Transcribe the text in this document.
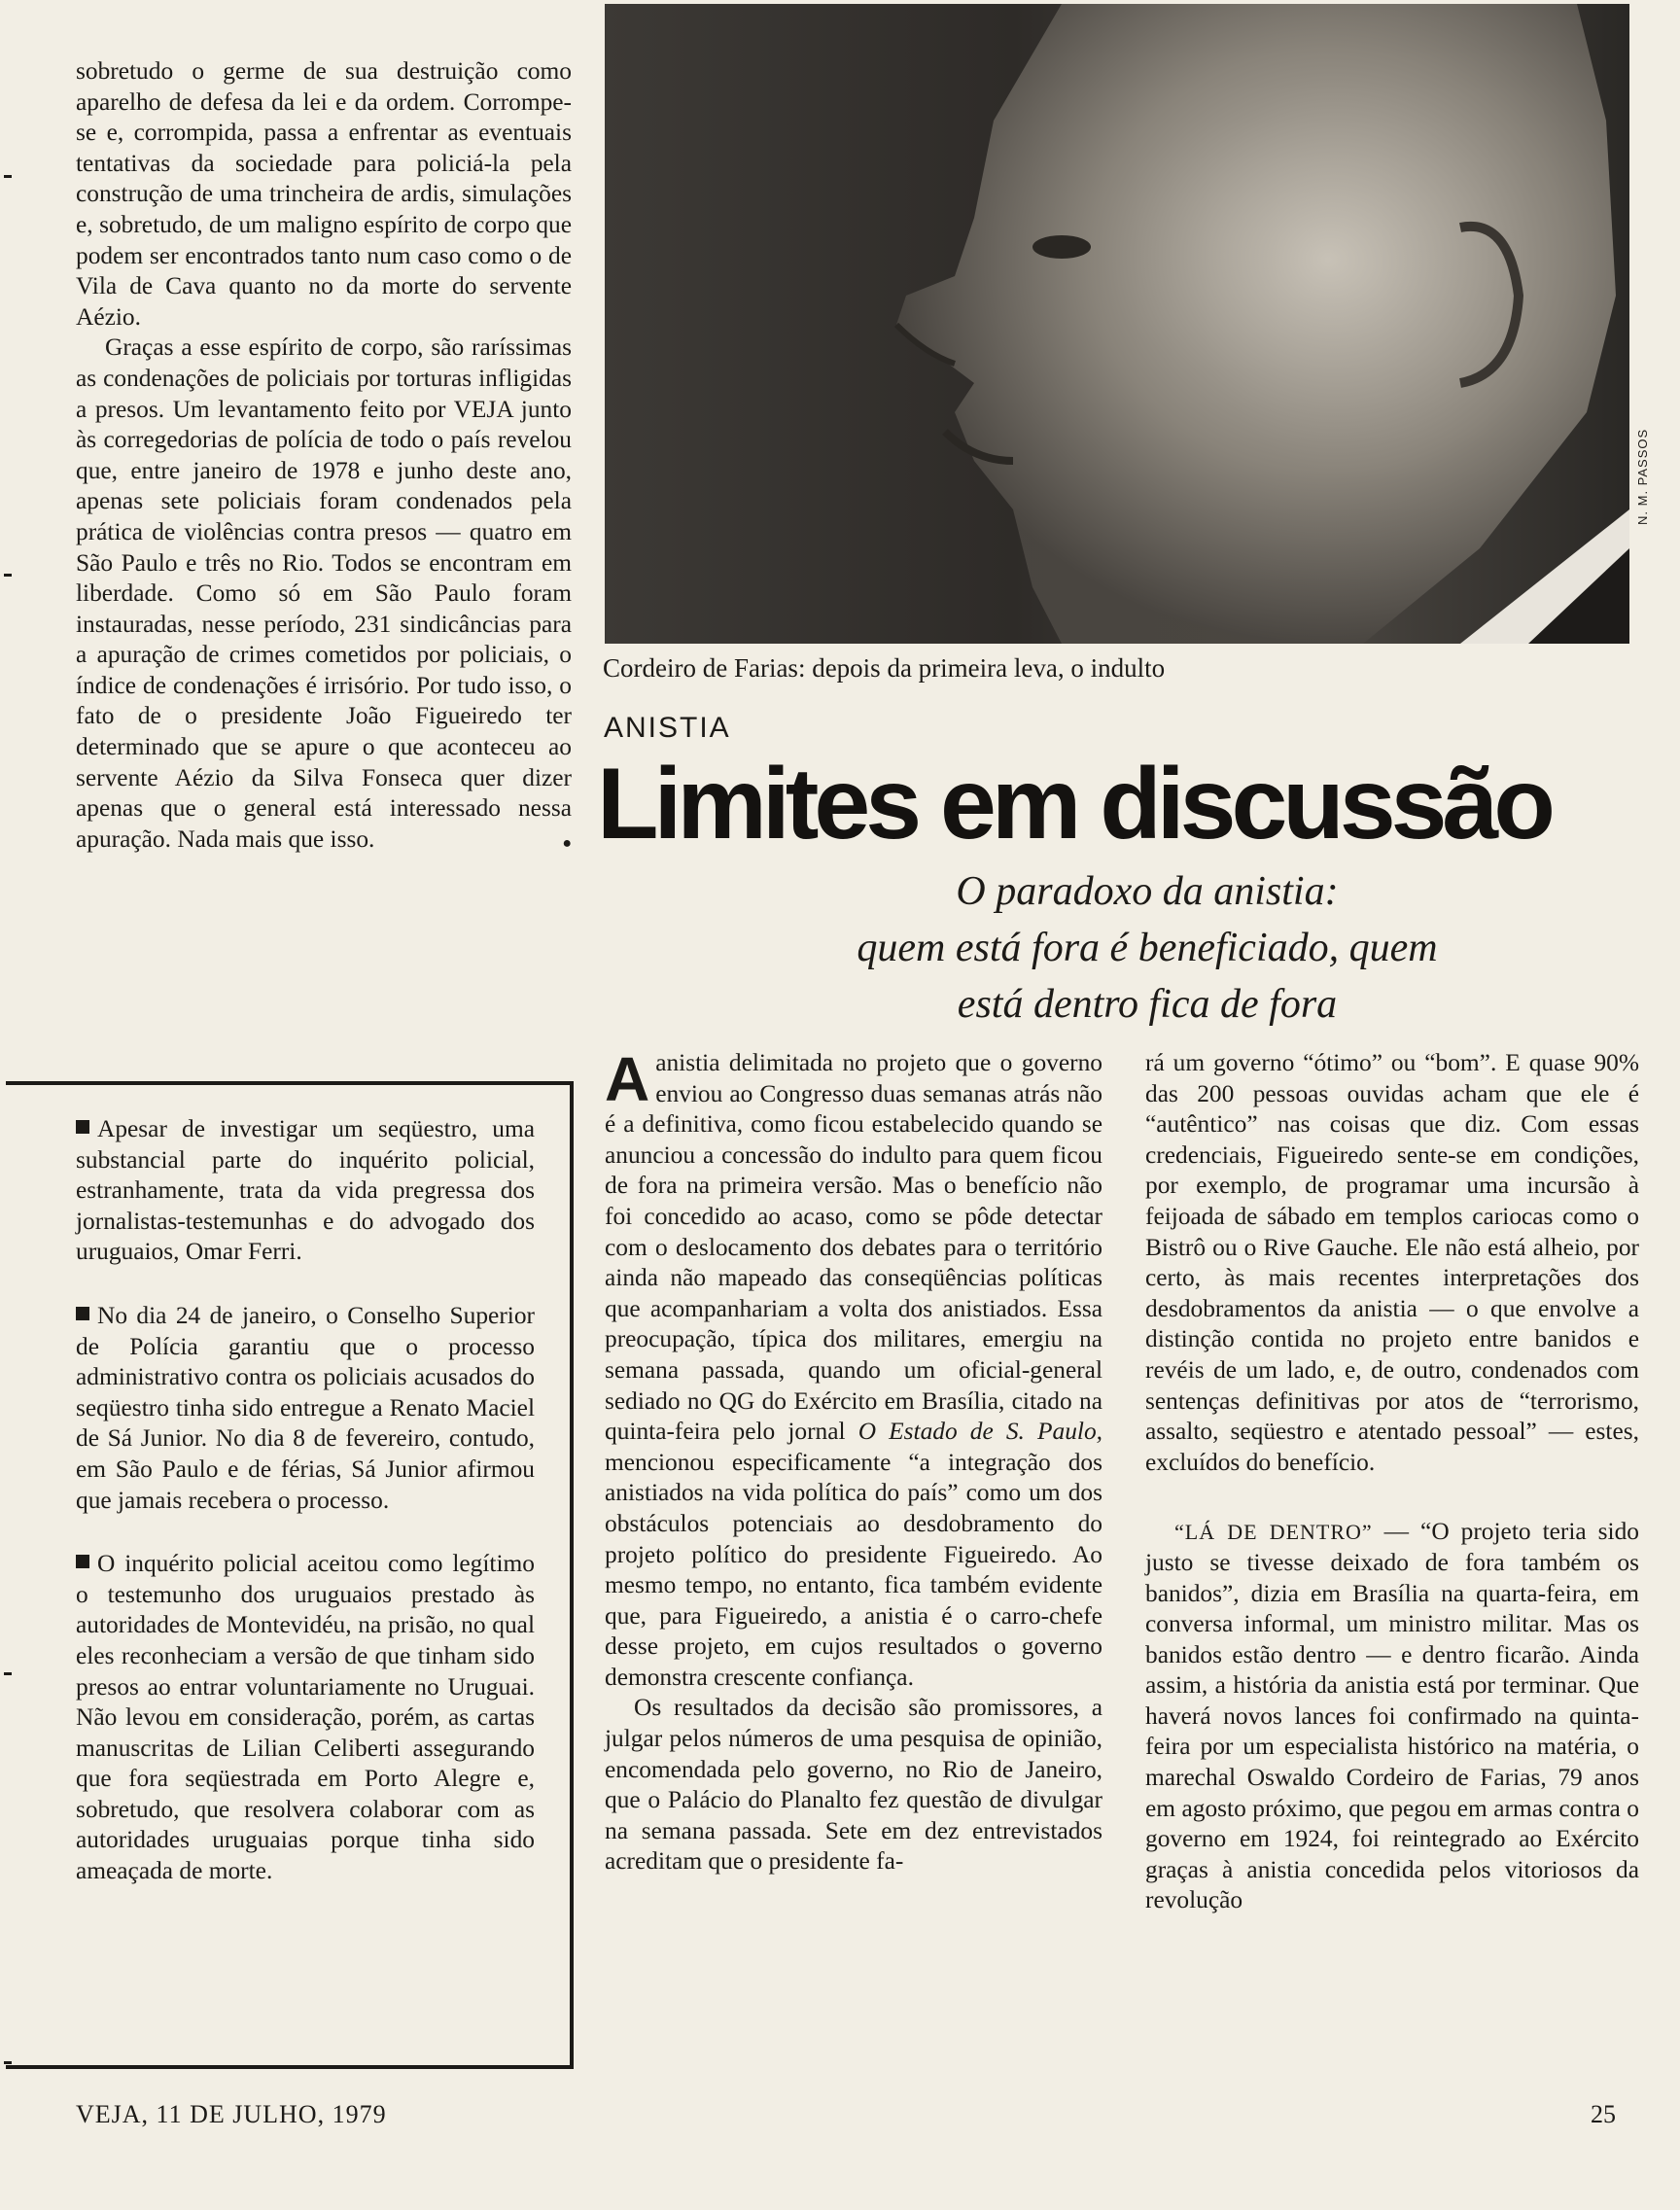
sobretudo o germe de sua destruição como aparelho de defesa da lei e da ordem. Corrompe-se e, corrompida, passa a enfrentar as eventuais tentativas da sociedade para policiá-la pela construção de uma trincheira de ardis, simulações e, sobretudo, de um maligno espírito de corpo que podem ser encontrados tanto num caso como o de Vila de Cava quanto no da morte do servente Aézio.

Graças a esse espírito de corpo, são raríssimas as condenações de policiais por torturas infligidas a presos. Um levantamento feito por VEJA junto às corregedorias de polícia de todo o país revelou que, entre janeiro de 1978 e junho deste ano, apenas sete policiais foram condenados pela prática de violências contra presos — quatro em São Paulo e três no Rio. Todos se encontram em liberdade. Como só em São Paulo foram instauradas, nesse período, 231 sindicâncias para a apuração de crimes cometidos por policiais, o índice de condenações é irrisório. Por tudo isso, o fato de o presidente João Figueiredo ter determinado que se apure o que aconteceu ao servente Aézio da Silva Fonseca quer dizer apenas que o general está interessado nessa apuração. Nada mais que isso. ●

Apesar de investigar um seqüestro, uma substancial parte do inquérito policial, estranhamente, trata da vida pregressa dos jornalistas-testemunhas e do advogado dos uruguaios, Omar Ferri.

No dia 24 de janeiro, o Conselho Superior de Polícia garantiu que o processo administrativo contra os policiais acusados do seqüestro tinha sido entregue a Renato Maciel de Sá Junior. No dia 8 de fevereiro, contudo, em São Paulo e de férias, Sá Junior afirmou que jamais recebera o processo.

O inquérito policial aceitou como legítimo o testemunho dos uruguaios prestado às autoridades de Montevidéu, na prisão, no qual eles reconheciam a versão de que tinham sido presos ao entrar voluntariamente no Uruguai. Não levou em consideração, porém, as cartas manuscritas de Lilian Celiberti assegurando que fora seqüestrada em Porto Alegre e, sobretudo, que resolvera colaborar com as autoridades uruguaias porque tinha sido ameaçada de morte.

N. M. PASSOS
Cordeiro de Farias: depois da primeira leva, o indulto
ANISTIA
Limites em discussão
O paradoxo da anistia:
quem está fora é beneficiado, quem
está dentro fica de fora

Aanistia delimitada no projeto que o governo enviou ao Congresso duas semanas atrás não é a definitiva, como ficou estabelecido quando se anunciou a concessão do indulto para quem ficou de fora na primeira versão. Mas o benefício não foi concedido ao acaso, como se pôde detectar com o deslocamento dos debates para o território ainda não mapeado das conseqüências políticas que acompanhariam a volta dos anistiados. Essa preocupação, típica dos militares, emergiu na semana passada, quando um oficial-general sediado no QG do Exército em Brasília, citado na quinta-feira pelo jornal O Estado de S. Paulo, mencionou especificamente “a integração dos anistiados na vida política do país” como um dos obstáculos potenciais ao desdobramento do projeto político do presidente Figueiredo. Ao mesmo tempo, no entanto, fica também evidente que, para Figueiredo, a anistia é o carro-chefe desse projeto, em cujos resultados o governo demonstra crescente confiança.

Os resultados da decisão são promissores, a julgar pelos números de uma pesquisa de opinião, encomendada pelo governo, no Rio de Janeiro, que o Palácio do Planalto fez questão de divulgar na semana passada. Sete em dez entrevistados acreditam que o presidente fa-

rá um governo “ótimo” ou “bom”. E quase 90% das 200 pessoas ouvidas acham que ele é “autêntico” nas coisas que diz. Com essas credenciais, Figueiredo sente-se em condições, por exemplo, de programar uma incursão à feijoada de sábado em templos cariocas como o Bistrô ou o Rive Gauche. Ele não está alheio, por certo, às mais recentes interpretações dos desdobramentos da anistia — o que envolve a distinção contida no projeto entre banidos e revéis de um lado, e, de outro, condenados com sentenças definitivas por atos de “terrorismo, assalto, seqüestro e atentado pessoal” — estes, excluídos do benefício.

“LÁ DE DENTRO” — “O projeto teria sido justo se tivesse deixado de fora também os banidos”, dizia em Brasília na quarta-feira, em conversa informal, um ministro militar. Mas os banidos estão dentro — e dentro ficarão. Ainda assim, a história da anistia está por terminar. Que haverá novos lances foi confirmado na quinta-feira por um especialista histórico na matéria, o marechal Oswaldo Cordeiro de Farias, 79 anos em agosto próximo, que pegou em armas contra o governo em 1924, foi reintegrado ao Exército graças à anistia concedida pelos vitoriosos da revolução

VEJA, 11 DE JULHO, 1979	25
